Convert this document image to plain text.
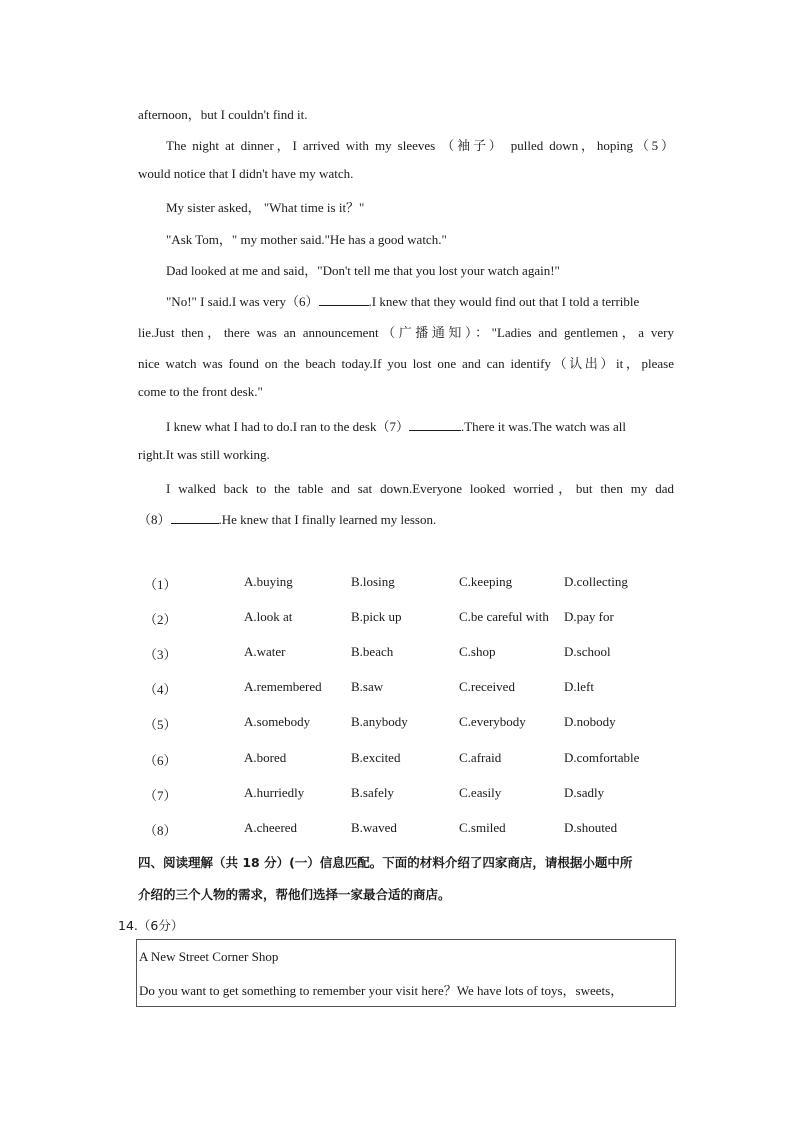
afternoon，but I couldn't find it.
The night at dinner，I arrived with my sleeves （袖子） pulled down，hoping（5）
would notice that I didn't have my watch.
My sister asked， "What time is it？"
"Ask Tom，" my mother said."He has a good watch."
Dad looked at me and said，"Don't tell me that you lost your watch again!"
"No!" I said.I was very（6）	.I knew that they would find out that I told a terrible
lie.Just then，there was an announcement（广播通知）："Ladies and gentlemen，a very
nice watch was found on the beach today.If you lost one and can identify（认出）it，please
come to the front desk."
I knew what I had to do.I ran to the desk（7）	.There it was.The watch was all
right.It was still working.
I walked back to the table and sat down.Everyone looked worried，but then my dad
（8）	.He knew that I finally learned my lesson.
（1）	A.buying	B.losing	C.keeping	D.collecting
（2）	A.look at	B.pick up	C.be careful with D.pay for
（3）	A.water	B.beach	C.shop	D.school
（4）	A.remembered B.saw	C.received	D.left
（5）	A.somebody	B.anybody	C.everybody	D.nobody
（6）	A.bored	B.excited	C.afraid	D.comfortable
（7）	A.hurriedly	B.safely	C.easily	D.sadly
（8）	A.cheered	B.waved	C.smiled	D.shouted
四、阅读理解（共 18 分）(一）信息匹配。下面的材料介绍了四家商店，请根据小题中所
介绍的三个人物的需求，帮他们选择一家最合适的商店。
14.（6分）
A New Street Corner Shop
Do you want to get something to remember your visit here？We have lots of toys，sweets，
